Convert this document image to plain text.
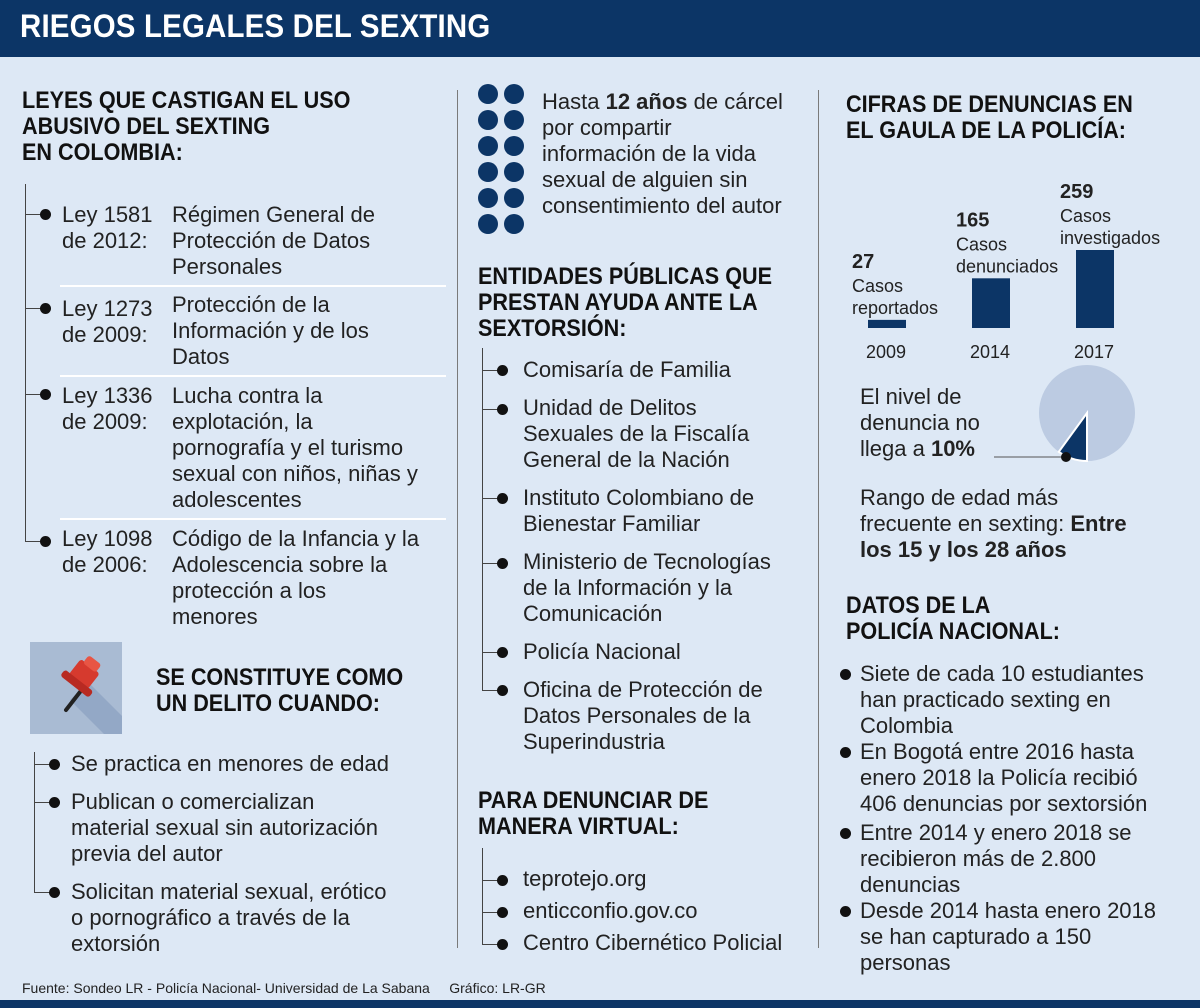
RIEGOS LEGALES DEL SEXTING
LEYES QUE CASTIGAN EL USO
ABUSIVO DEL SEXTING
EN COLOMBIA:
Ley 1581
de 2012:
Régimen General de
Protección de Datos
Personales
Ley 1273
de 2009:
Protección de la
Información y de los
Datos
Ley 1336
de 2009:
Lucha contra la
explotación, la
pornografía y el turismo
sexual con niños, niñas y
adolescentes
Ley 1098
de 2006:
Código de la Infancia y la
Adolescencia sobre la
protección a los
menores
SE CONSTITUYE COMO
UN DELITO CUANDO:
Se practica en menores de edad
Publican o comercializan
material sexual sin autorización
previa del autor
Solicitan material sexual, erótico
o pornográfico a través de la
extorsión
Hasta 12 años de cárcel
por compartir
información de la vida
sexual de alguien sin
consentimiento del autor
ENTIDADES PÚBLICAS QUE
PRESTAN AYUDA ANTE LA
SEXTORSIÓN:
Comisaría de Familia
Unidad de Delitos
Sexuales de la Fiscalía
General de la Nación
Instituto Colombiano de
Bienestar Familiar
Ministerio de Tecnologías
de la Información y la
Comunicación
Policía Nacional
Oficina de Protección de
Datos Personales de la
Superindustria
PARA DENUNCIAR DE
MANERA VIRTUAL:
teprotejo.org
enticconfio.gov.co
Centro Cibernético Policial
CIFRAS DE DENUNCIAS EN
EL GAULA DE LA POLICÍA:
27
Casos
reportados
2009
165
Casos
denunciados
2014
259
Casos
investigados
2017
El nivel de
denuncia no
llega a 10%
Rango de edad más
frecuente en sexting: Entre
los 15 y los 28 años
DATOS DE LA
POLICÍA NACIONAL:
Siete de cada 10 estudiantes
han practicado sexting en
Colombia
En Bogotá entre 2016 hasta
enero 2018 la Policía recibió
406 denuncias por sextorsión
Entre 2014 y enero 2018 se
recibieron más de 2.800
denuncias
Desde 2014 hasta enero 2018
se han capturado a 150
personas
Fuente: Sondeo LR - Policía Nacional- Universidad de La Sabana     Gráfico: LR-GR
